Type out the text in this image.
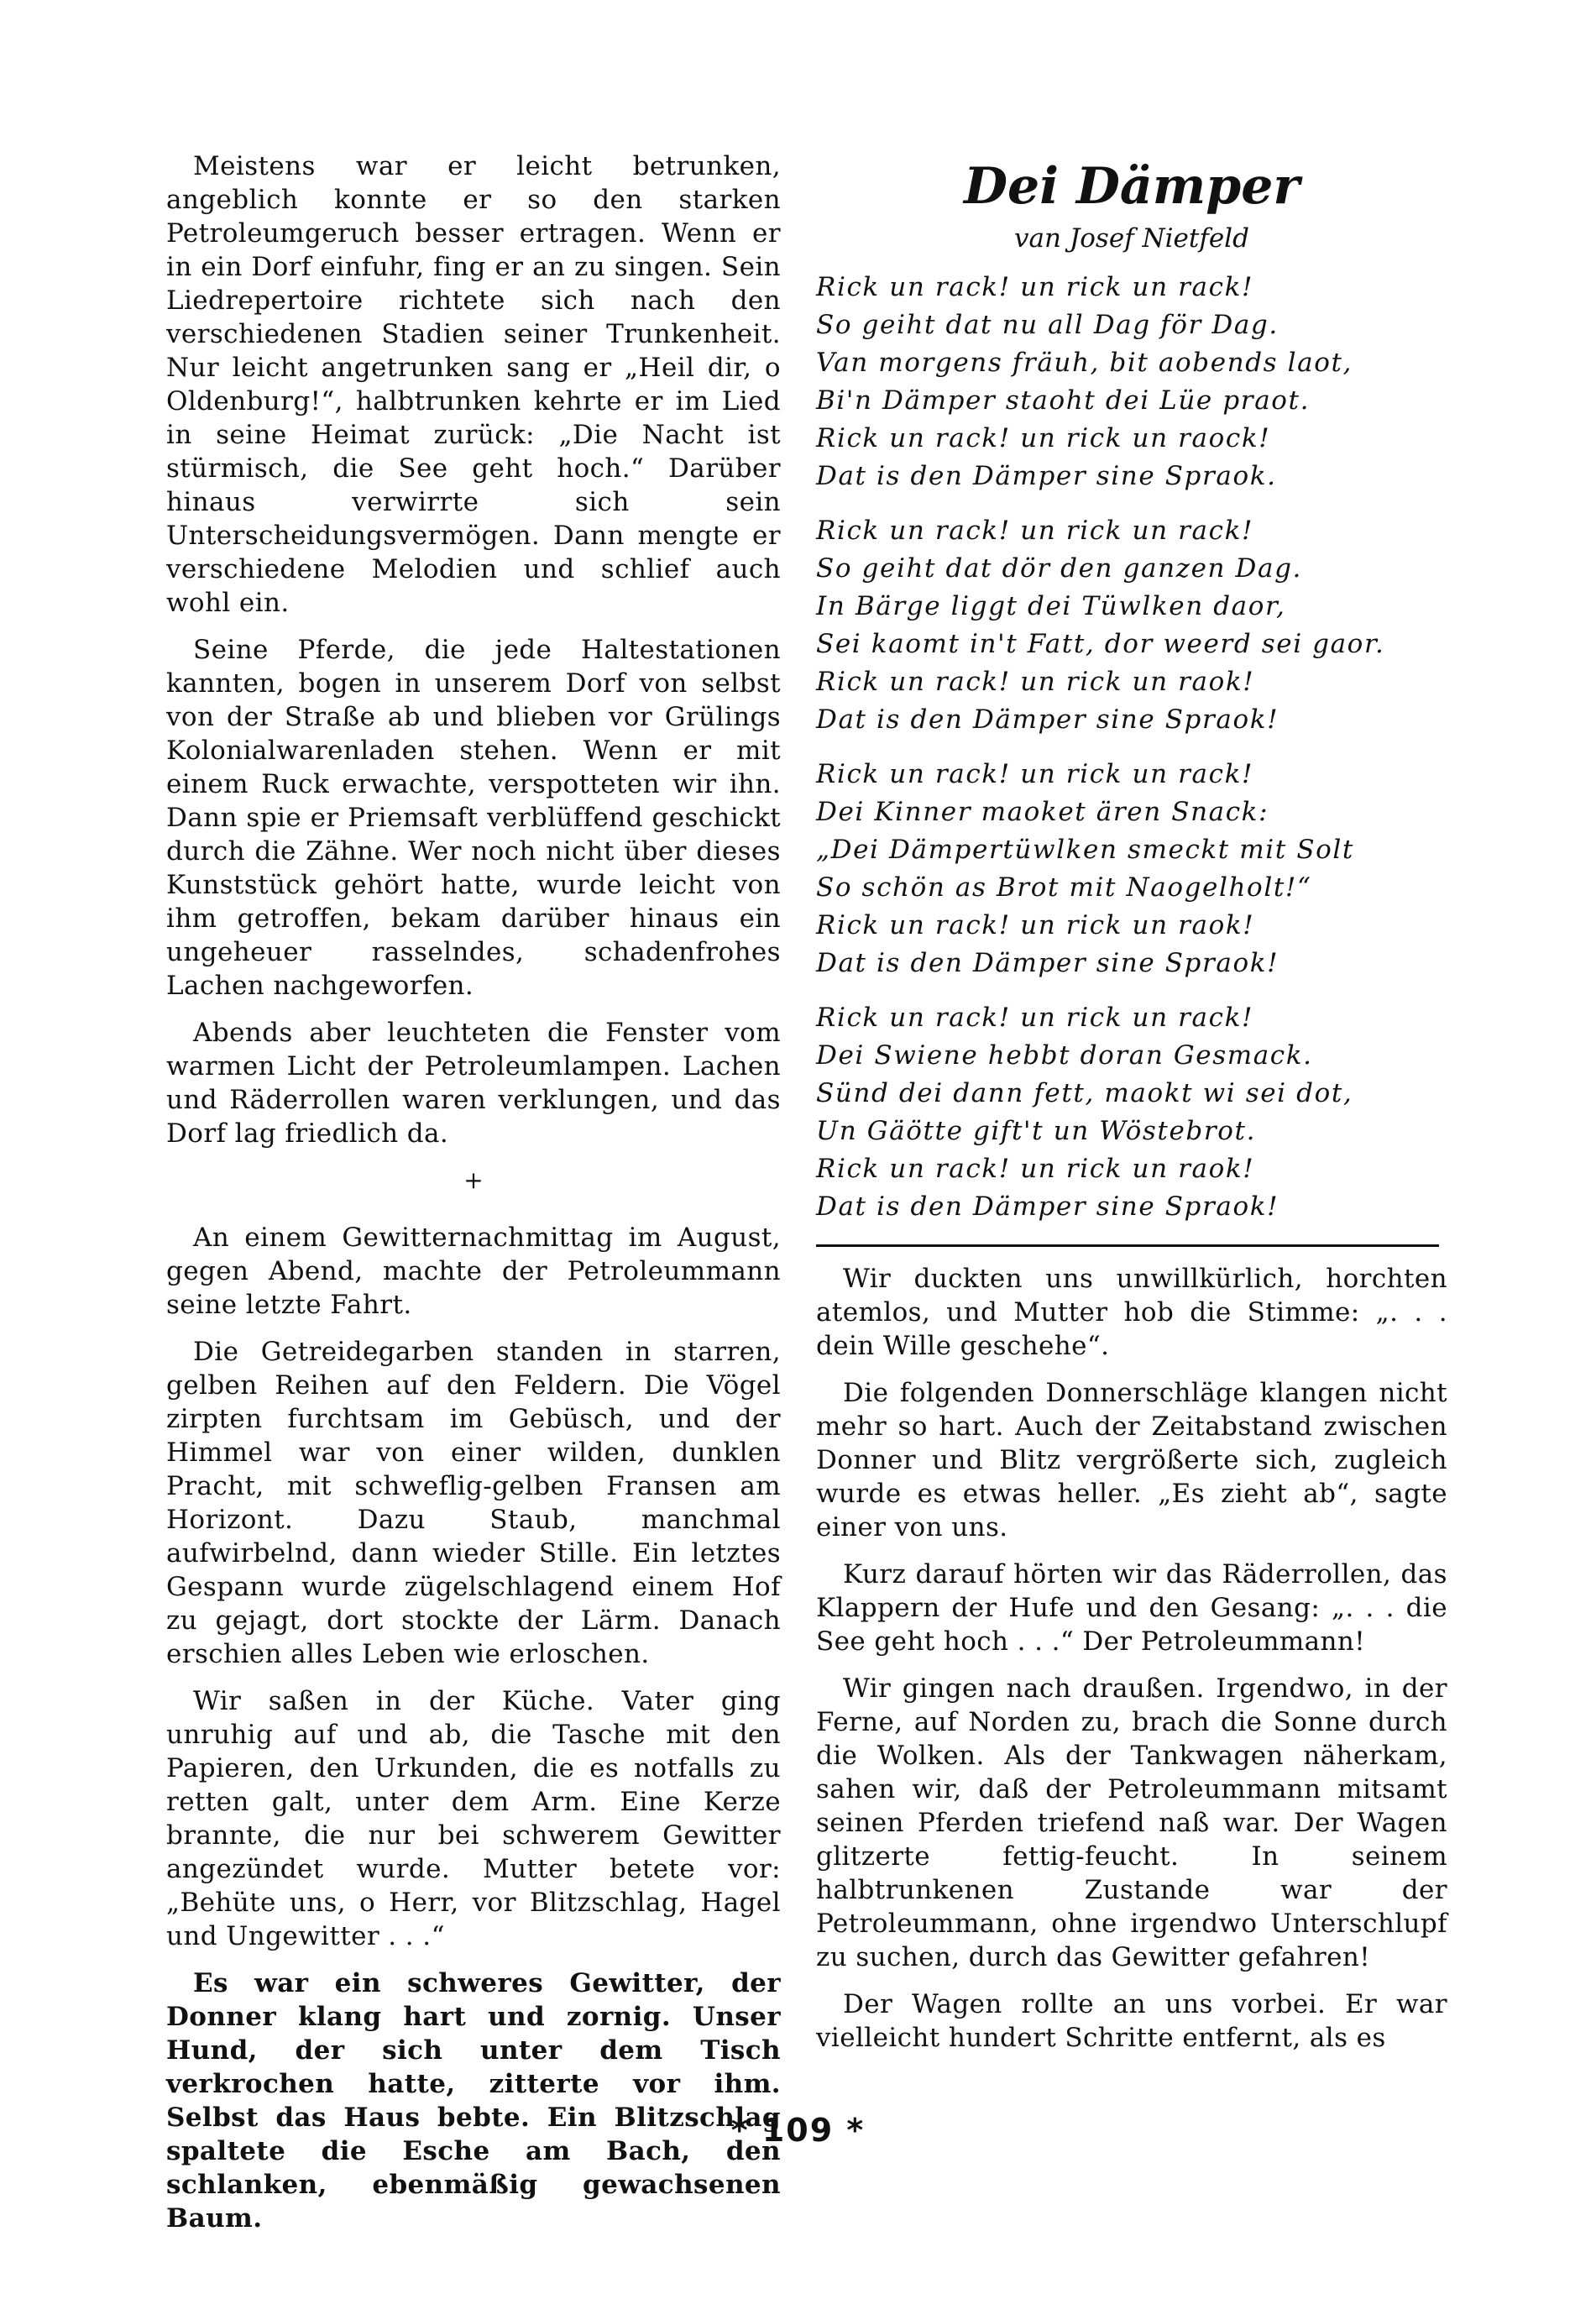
Meistens war er leicht betrunken, angeblich konnte er so den starken Petroleumgeruch besser ertragen. Wenn er in ein Dorf einfuhr, fing er an zu singen. Sein Liedrepertoire richtete sich nach den verschiedenen Stadien seiner Trunkenheit. Nur leicht angetrunken sang er „Heil dir, o Oldenburg!“, halbtrunken kehrte er im Lied in seine Heimat zurück: „Die Nacht ist stürmisch, die See geht hoch.“ Darüber hinaus verwirrte sich sein Unterscheidungsvermögen. Dann mengte er verschiedene Melodien und schlief auch wohl ein.

Seine Pferde, die jede Haltestationen kannten, bogen in unserem Dorf von selbst von der Straße ab und blieben vor Grülings Kolonialwarenladen stehen. Wenn er mit einem Ruck erwachte, verspotteten wir ihn. Dann spie er Priemsaft verblüffend geschickt durch die Zähne. Wer noch nicht über dieses Kunststück gehört hatte, wurde leicht von ihm getroffen, bekam darüber hinaus ein ungeheuer rasselndes, schadenfrohes Lachen nachgeworfen.

Abends aber leuchteten die Fenster vom warmen Licht der Petroleumlampen. Lachen und Räderrollen waren verklungen, und das Dorf lag friedlich da.

+

An einem Gewitternachmittag im August, gegen Abend, machte der Petroleummann seine letzte Fahrt.

Die Getreidegarben standen in starren, gelben Reihen auf den Feldern. Die Vögel zirpten furchtsam im Gebüsch, und der Himmel war von einer wilden, dunklen Pracht, mit schweflig-gelben Fransen am Horizont. Dazu Staub, manchmal aufwirbelnd, dann wieder Stille. Ein letztes Gespann wurde zügelschlagend einem Hof zu gejagt, dort stockte der Lärm. Danach erschien alles Leben wie erloschen.

Wir saßen in der Küche. Vater ging unruhig auf und ab, die Tasche mit den Papieren, den Urkunden, die es notfalls zu retten galt, unter dem Arm. Eine Kerze brannte, die nur bei schwerem Gewitter angezündet wurde. Mutter betete vor: „Behüte uns, o Herr, vor Blitzschlag, Hagel und Ungewitter . . .“

Es war ein schweres Gewitter, der Donner klang hart und zornig. Unser Hund, der sich unter dem Tisch verkrochen hatte, zitterte vor ihm. Selbst das Haus bebte. Ein Blitzschlag spaltete die Esche am Bach, den schlanken, ebenmäßig gewachsenen Baum.

Dei Dämper
van Josef Nietfeld
Rick un rack! un rick un rack!
So geiht dat nu all Dag för Dag.
Van morgens fräuh, bit aobends laot,
Bi'n Dämper staoht dei Lüe praot.
Rick un rack! un rick un raock!
Dat is den Dämper sine Spraok.
Rick un rack! un rick un rack!
So geiht dat dör den ganzen Dag.
In Bärge liggt dei Tüwlken daor,
Sei kaomt in't Fatt, dor weerd sei gaor.
Rick un rack! un rick un raok!
Dat is den Dämper sine Spraok!
Rick un rack! un rick un rack!
Dei Kinner maoket ären Snack:
„Dei Dämpertüwlken smeckt mit Solt
So schön as Brot mit Naogelholt!“
Rick un rack! un rick un raok!
Dat is den Dämper sine Spraok!
Rick un rack! un rick un rack!
Dei Swiene hebbt doran Gesmack.
Sünd dei dann fett, maokt wi sei dot,
Un Gäötte gift't un Wöstebrot.
Rick un rack! un rick un raok!
Dat is den Dämper sine Spraok!

Wir duckten uns unwillkürlich, horchten atemlos, und Mutter hob die Stimme: „. . . dein Wille geschehe“.

Die folgenden Donnerschläge klangen nicht mehr so hart. Auch der Zeitabstand zwischen Donner und Blitz vergrößerte sich, zugleich wurde es etwas heller. „Es zieht ab“, sagte einer von uns.

Kurz darauf hörten wir das Räderrollen, das Klappern der Hufe und den Gesang: „. . . die See geht hoch . . .“ Der Petroleummann!

Wir gingen nach draußen. Irgendwo, in der Ferne, auf Norden zu, brach die Sonne durch die Wolken. Als der Tankwagen näherkam, sahen wir, daß der Petroleummann mitsamt seinen Pferden triefend naß war. Der Wagen glitzerte fettig-feucht. In seinem halbtrunkenen Zustande war der Petroleummann, ohne irgendwo Unterschlupf zu suchen, durch das Gewitter gefahren!

Der Wagen rollte an uns vorbei. Er war vielleicht hundert Schritte entfernt, als es

* 109 *
